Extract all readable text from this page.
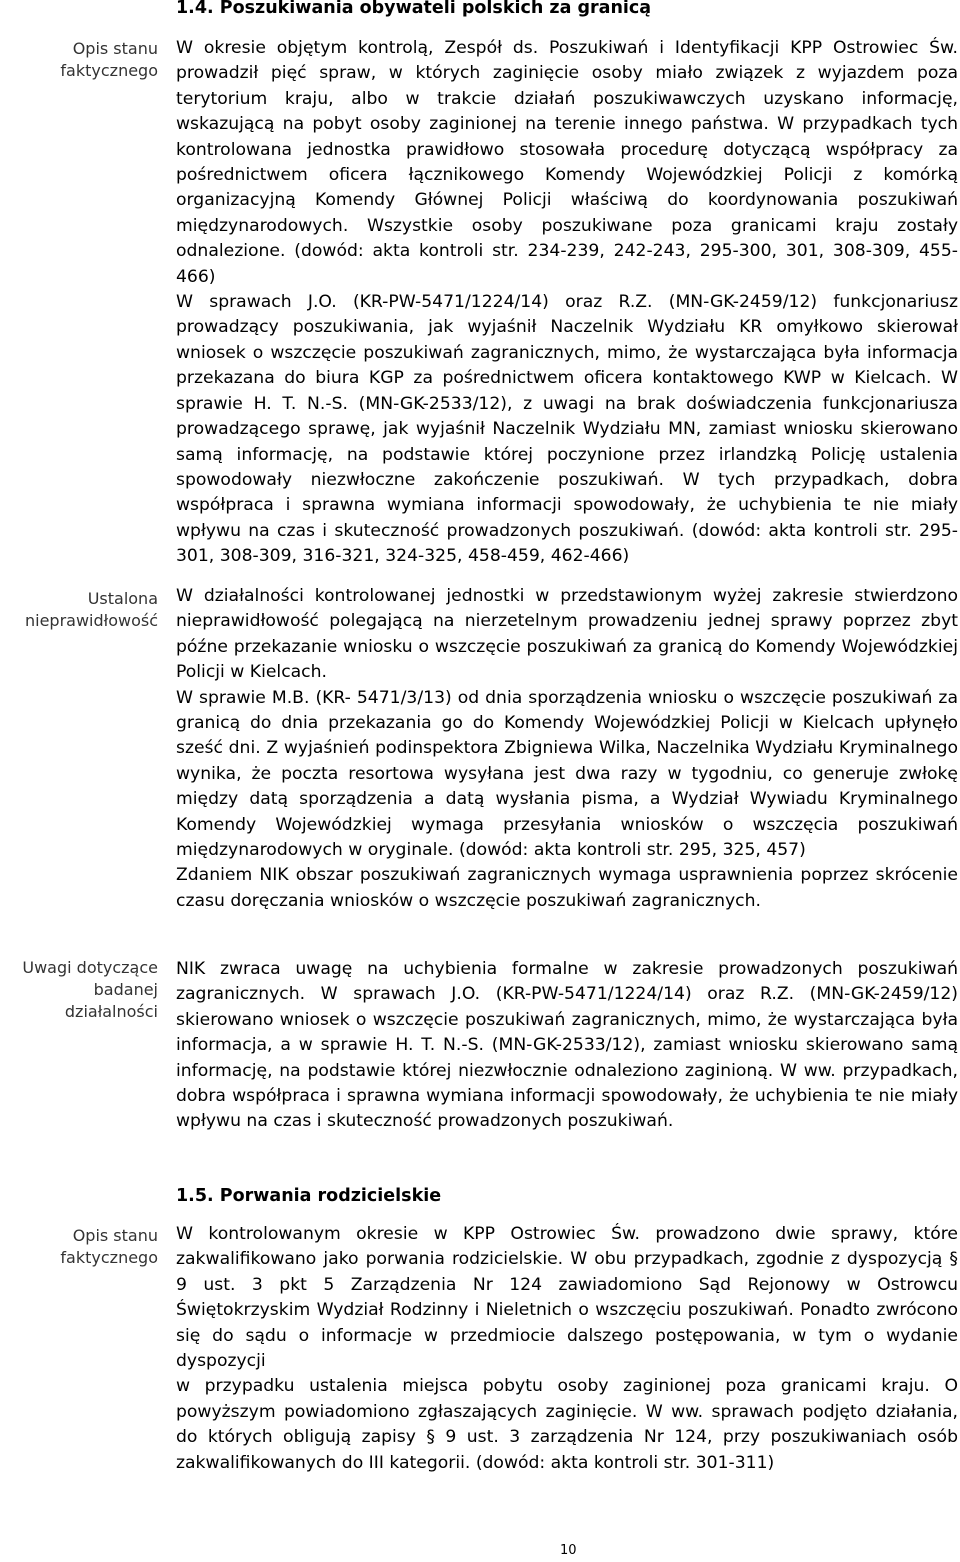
1.4. Poszukiwania obywateli polskich za granicą
Opis stanu faktycznego

W okresie objętym kontrolą, Zespół ds. Poszukiwań i Identyfikacji KPP Ostrowiec Św. prowadził pięć spraw, w których zaginięcie osoby miało związek z wyjazdem poza terytorium kraju, albo w trakcie działań poszukiwawczych uzyskano informację, wskazującą na pobyt osoby zaginionej na terenie innego państwa. W przypadkach tych kontrolowana jednostka prawidłowo stosowała procedurę dotyczącą współpracy za pośrednictwem oficera łącznikowego Komendy Wojewódzkiej Policji z komórką organizacyjną Komendy Głównej Policji właściwą do koordynowania poszukiwań międzynarodowych. Wszystkie osoby poszukiwane poza granicami kraju zostały odnalezione. (dowód: akta kontroli str. 234-239, 242-243, 295-300, 301, 308-309, 455-466)

W sprawach J.O. (KR-PW-5471/1224/14) oraz R.Z. (MN-GK-2459/12) funkcjonariusz prowadzący poszukiwania, jak wyjaśnił Naczelnik Wydziału KR omyłkowo skierował wniosek o wszczęcie poszukiwań zagranicznych, mimo, że wystarczająca była informacja przekazana do biura KGP za pośrednictwem oficera kontaktowego KWP w Kielcach. W sprawie H. T. N.-S. (MN-GK-2533/12), z uwagi na brak doświadczenia funkcjonariusza prowadzącego sprawę, jak wyjaśnił Naczelnik Wydziału MN, zamiast wniosku skierowano samą informację, na podstawie której poczynione przez irlandzką Policję ustalenia spowodowały niezwłoczne zakończenie poszukiwań. W tych przypadkach, dobra współpraca i sprawna wymiana informacji spowodowały, że uchybienia te nie miały wpływu na czas i skuteczność prowadzonych poszukiwań. (dowód: akta kontroli str. 295-301, 308-309, 316-321, 324-325, 458-459, 462-466)

Ustalona nieprawidłowość

W działalności kontrolowanej jednostki w przedstawionym wyżej zakresie stwierdzono nieprawidłowość polegającą na nierzetelnym prowadzeniu jednej sprawy poprzez zbyt późne przekazanie wniosku o wszczęcie poszukiwań za granicą do Komendy Wojewódzkiej Policji w Kielcach.

W sprawie M.B. (KR- 5471/3/13) od dnia sporządzenia wniosku o wszczęcie poszukiwań za granicą do dnia przekazania go do Komendy Wojewódzkiej Policji w Kielcach upłynęło sześć dni. Z wyjaśnień podinspektora Zbigniewa Wilka, Naczelnika Wydziału Kryminalnego wynika, że poczta resortowa wysyłana jest dwa razy w tygodniu, co generuje zwłokę między datą sporządzenia a datą wysłania pisma, a Wydział Wywiadu Kryminalnego Komendy Wojewódzkiej wymaga przesyłania wniosków o wszczęcia poszukiwań międzynarodowych w oryginale. (dowód: akta kontroli str. 295, 325, 457)

Zdaniem NIK obszar poszukiwań zagranicznych wymaga usprawnienia poprzez skrócenie czasu doręczania wniosków o wszczęcie poszukiwań zagranicznych.

Uwagi dotyczące badanej działalności

NIK zwraca uwagę na uchybienia formalne w zakresie prowadzonych poszukiwań zagranicznych. W sprawach J.O. (KR-PW-5471/1224/14) oraz R.Z. (MN-GK-2459/12) skierowano wniosek o wszczęcie poszukiwań zagranicznych, mimo, że wystarczająca była informacja, a w sprawie H. T. N.-S. (MN-GK-2533/12), zamiast wniosku skierowano samą informację, na podstawie której niezwłocznie odnaleziono zaginioną. W ww. przypadkach, dobra współpraca i sprawna wymiana informacji spowodowały, że uchybienia te nie miały wpływu na czas i skuteczność prowadzonych poszukiwań.

1.5. Porwania rodzicielskie
Opis stanu faktycznego

W kontrolowanym okresie w KPP Ostrowiec Św. prowadzono dwie sprawy, które zakwalifikowano jako porwania rodzicielskie. W obu przypadkach, zgodnie z dyspozycją § 9 ust. 3 pkt 5 Zarządzenia Nr 124 zawiadomiono Sąd Rejonowy w Ostrowcu Świętokrzyskim Wydział Rodzinny i Nieletnich o wszczęciu poszukiwań. Ponadto zwrócono się do sądu o informacje w przedmiocie dalszego postępowania, w tym o wydanie dyspozycji

w przypadku ustalenia miejsca pobytu osoby zaginionej poza granicami kraju. O powyższym powiadomiono zgłaszających zaginięcie. W ww. sprawach podjęto działania, do których obligują zapisy § 9 ust. 3 zarządzenia Nr 124, przy poszukiwaniach osób zakwalifikowanych do III kategorii. (dowód: akta kontroli str. 301-311)

10
